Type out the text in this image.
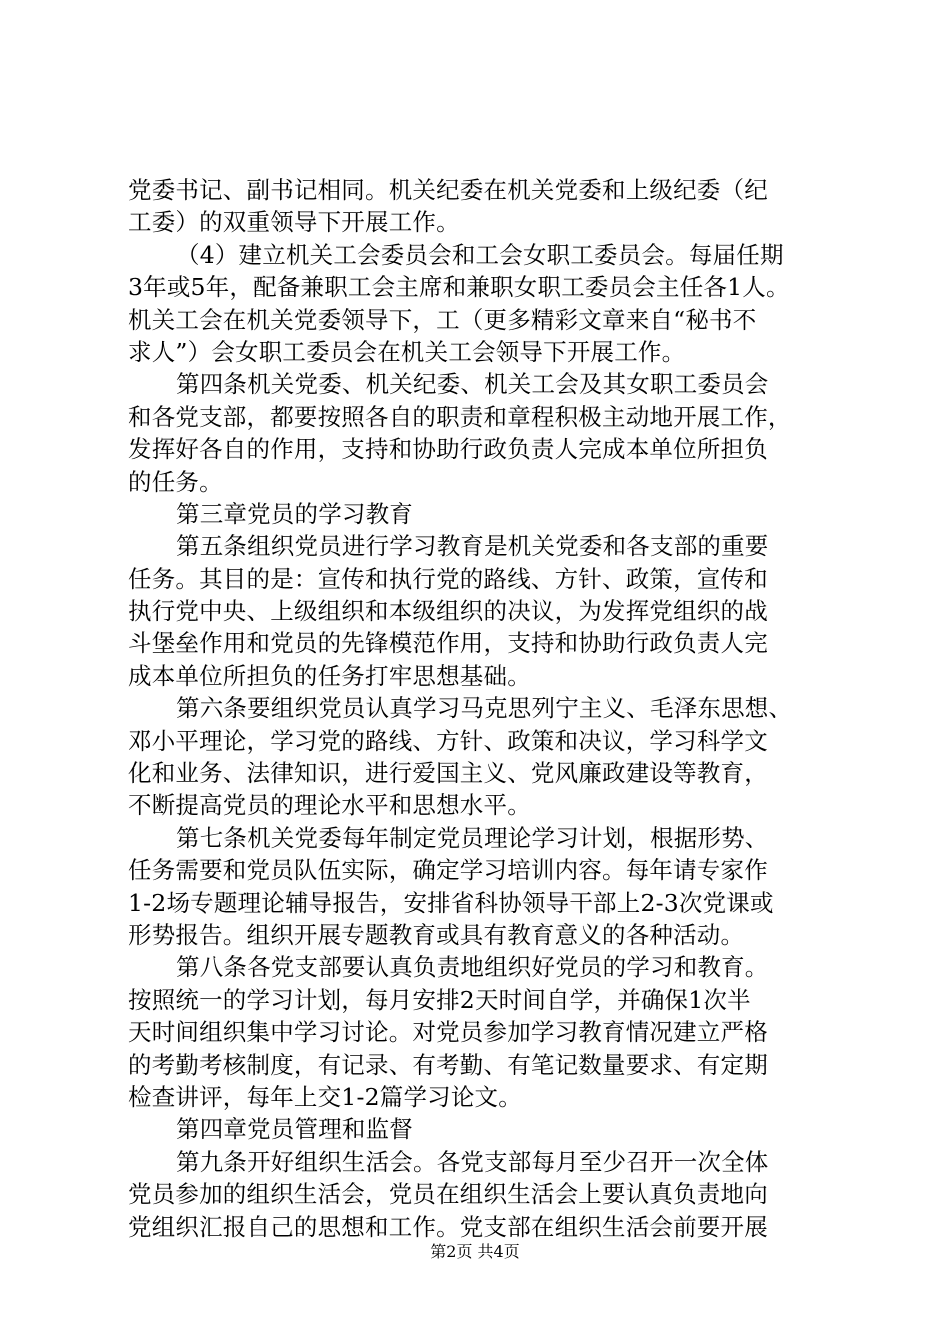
党委书记、副书记相同。机关纪委在机关党委和上级纪委（纪
工委）的双重领导下开展工作。
（4）建立机关工会委员会和工会女职工委员会。每届任期
3年或5年，配备兼职工会主席和兼职女职工委员会主任各1人。
机关工会在机关党委领导下，工（更多精彩文章来自“秘书不
求人”）会女职工委员会在机关工会领导下开展工作。
第四条机关党委、机关纪委、机关工会及其女职工委员会
和各党支部，都要按照各自的职责和章程积极主动地开展工作，
发挥好各自的作用，支持和协助行政负责人完成本单位所担负
的任务。
第三章党员的学习教育
第五条组织党员进行学习教育是机关党委和各支部的重要
任务。其目的是：宣传和执行党的路线、方针、政策，宣传和
执行党中央、上级组织和本级组织的决议，为发挥党组织的战
斗堡垒作用和党员的先锋模范作用，支持和协助行政负责人完
成本单位所担负的任务打牢思想基础。
第六条要组织党员认真学习马克思列宁主义、毛泽东思想、
邓小平理论，学习党的路线、方针、政策和决议，学习科学文
化和业务、法律知识，进行爱国主义、党风廉政建设等教育，
不断提高党员的理论水平和思想水平。
第七条机关党委每年制定党员理论学习计划，根据形势、
任务需要和党员队伍实际，确定学习培训内容。每年请专家作
1-2场专题理论辅导报告，安排省科协领导干部上2-3次党课或
形势报告。组织开展专题教育或具有教育意义的各种活动。
第八条各党支部要认真负责地组织好党员的学习和教育。
按照统一的学习计划，每月安排2天时间自学，并确保1次半
天时间组织集中学习讨论。对党员参加学习教育情况建立严格
的考勤考核制度，有记录、有考勤、有笔记数量要求、有定期
检查讲评，每年上交1-2篇学习论文。
第四章党员管理和监督
第九条开好组织生活会。各党支部每月至少召开一次全体
党员参加的组织生活会，党员在组织生活会上要认真负责地向
党组织汇报自己的思想和工作。党支部在组织生活会前要开展
第2页 共4页
